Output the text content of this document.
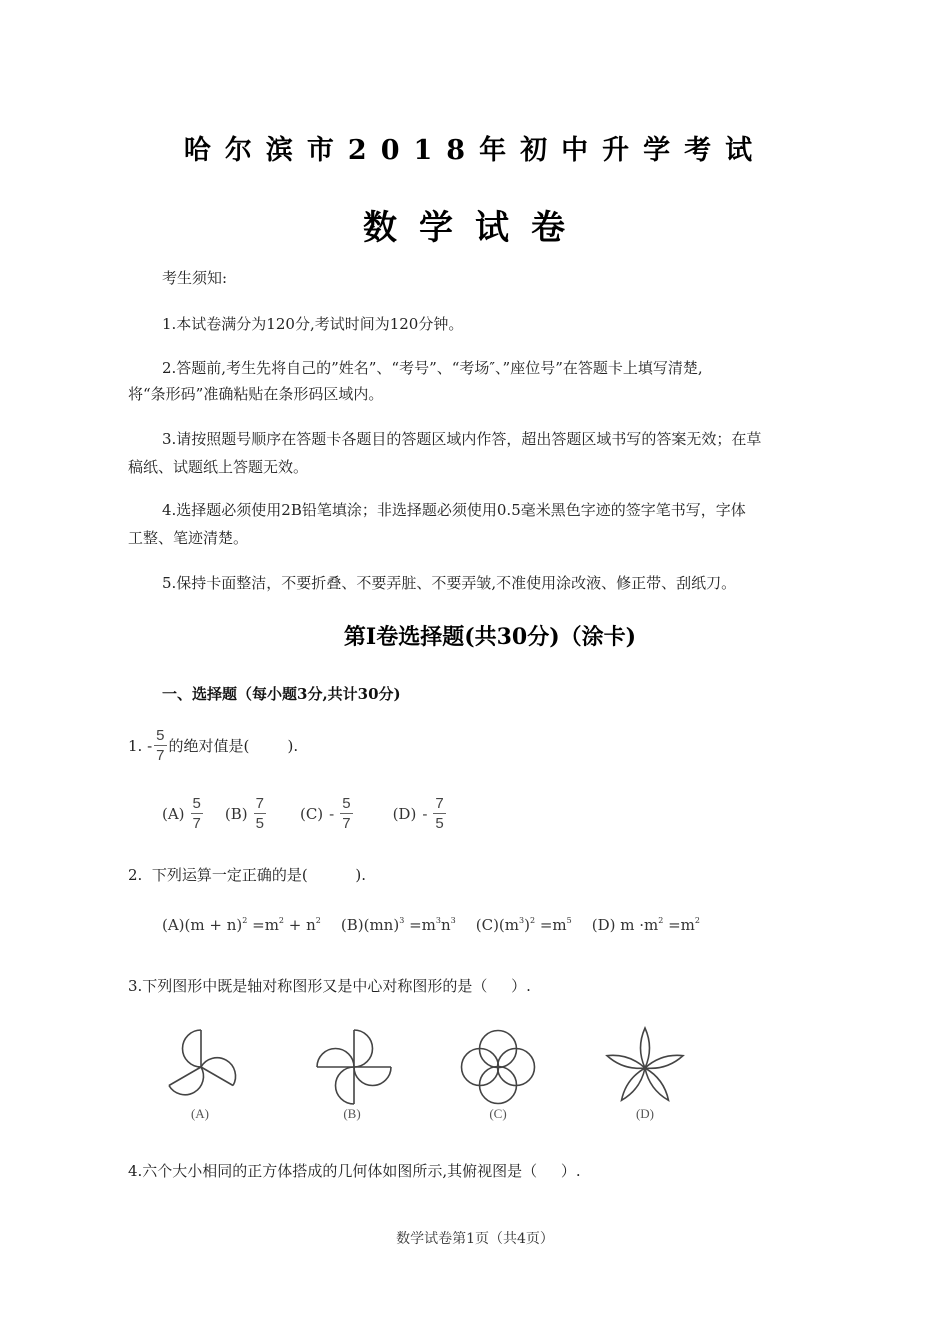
哈尔滨市2018年初中升学考试
数学试卷
考生须知:
1.本试卷满分为120分,考试时间为120分钟。
2.答题前,考生先将自己的”姓名”、“考号”、“考场″、”座位号”在答题卡上填写清楚,
将“条形码”准确粘贴在条形码区域内。
3.请按照题号顺序在答题卡各题目的答题区域内作答，超出答题区域书写的答案无效；在草
稿纸、试题纸上答题无效。
4.选择题必须使用2B铅笔填涂；非选择题必须使用0.5毫米黑色字迹的签字笔书写，字体
工整、笔迹清楚。
5.保持卡面整洁，不要折叠、不要弄脏、不要弄皱,不准使用涂改液、修正带、刮纸刀。
第Ⅰ卷选择题(共30分)（涂卡)
一、选择题（每小题3分,共计30分)
1. - $\frac{5}{7}$ 的绝对值是(        ).
$(A) \frac{5}{7} (B) \frac{7}{5} (C) - \frac{5}{7}$	$(D) - \frac{7}{5}$
2.  下列运算一定正确的是(          ).
$(A)(m + n)^2 =m^2 + n^2$ $(B)(mn)^3 =m^3n^3$ $(C)(m^3)^2 =m^5$ (D) $m \cdot m^2 =m^2$
3.下列图形中既是轴对称图形又是中心对称图形的是（     ）.
(A)	(B)	(C)	(D)
4.六个大小相同的正方体搭成的几何体如图所示,其俯视图是（     ）.
数学试卷第1页（共4页）
